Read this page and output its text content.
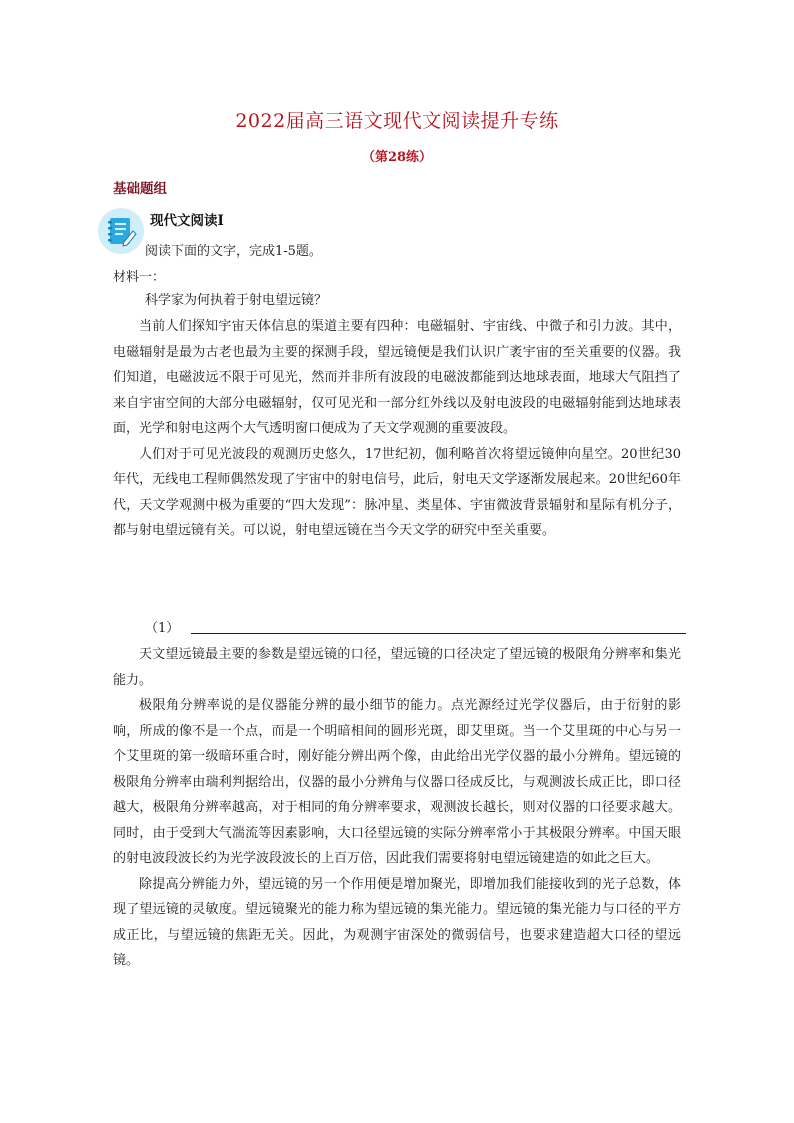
2022届高三语文现代文阅读提升专练
（第28练）
基础题组
现代文阅读Ⅰ
阅读下面的文字，完成1-5题。
材料一：
科学家为何执着于射电望远镜？

当前人们探知宇宙天体信息的渠道主要有四种：电磁辐射、宇宙线、中微子和引力波。其中，电磁辐射是最为古老也最为主要的探测手段，望远镜便是我们认识广袤宇宙的至关重要的仪器。我们知道，电磁波远不限于可见光，然而并非所有波段的电磁波都能到达地球表面，地球大气阻挡了来自宇宙空间的大部分电磁辐射，仅可见光和一部分红外线以及射电波段的电磁辐射能到达地球表面，光学和射电这两个大气透明窗口便成为了天文学观测的重要波段。

人们对于可见光波段的观测历史悠久，17世纪初，伽利略首次将望远镜伸向星空。20世纪30年代，无线电工程师偶然发现了宇宙中的射电信号，此后，射电天文学逐渐发展起来。20世纪60年代，天文学观测中极为重要的“四大发现”：脉冲星、类星体、宇宙微波背景辐射和星际有机分子，都与射电望远镜有关。可以说，射电望远镜在当今天文学的研究中至关重要。

（1）

天文望远镜最主要的参数是望远镜的口径，望远镜的口径决定了望远镜的极限角分辨率和集光能力。

极限角分辨率说的是仪器能分辨的最小细节的能力。点光源经过光学仪器后，由于衍射的影响，所成的像不是一个点，而是一个明暗相间的圆形光斑，即艾里斑。当一个艾里斑的中心与另一个艾里斑的第一级暗环重合时，刚好能分辨出两个像，由此给出光学仪器的最小分辨角。望远镜的极限角分辨率由瑞利判据给出，仪器的最小分辨角与仪器口径成反比，与观测波长成正比，即口径越大，极限角分辨率越高，对于相同的角分辨率要求，观测波长越长，则对仪器的口径要求越大。同时，由于受到大气湍流等因素影响，大口径望远镜的实际分辨率常小于其极限分辨率。中国天眼的射电波段波长约为光学波段波长的上百万倍，因此我们需要将射电望远镜建造的如此之巨大。

除提高分辨能力外，望远镜的另一个作用便是增加聚光，即增加我们能接收到的光子总数，体现了望远镜的灵敏度。望远镜聚光的能力称为望远镜的集光能力。望远镜的集光能力与口径的平方成正比，与望远镜的焦距无关。因此，为观测宇宙深处的微弱信号，也要求建造超大口径的望远镜。
